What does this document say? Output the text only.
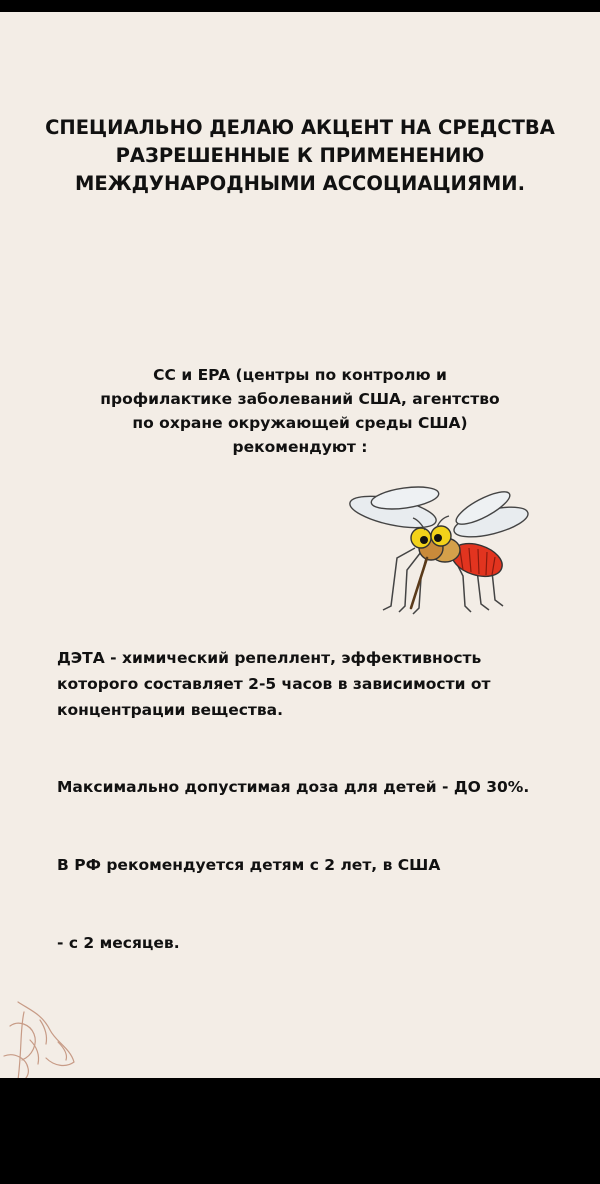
СПЕЦИАЛЬНО ДЕЛАЮ АКЦЕНТ НА СРЕДСТВА РАЗРЕШЕННЫЕ К ПРИМЕНЕНИЮ МЕЖДУНАРОДНЫМИ АССОЦИАЦИЯМИ.

CC и EPA (центры по контролю и профилактике заболеваний США, агентство по охране окружающей среды США) рекомендуют :

ДЭТА - химический репеллент, эффективность которого составляет 2-5 часов в зависимости от концентрации вещества.

Максимально допустимая доза для детей - ДО 30%.

В РФ рекомендуется детям с 2 лет, в США

- с 2 месяцев.
